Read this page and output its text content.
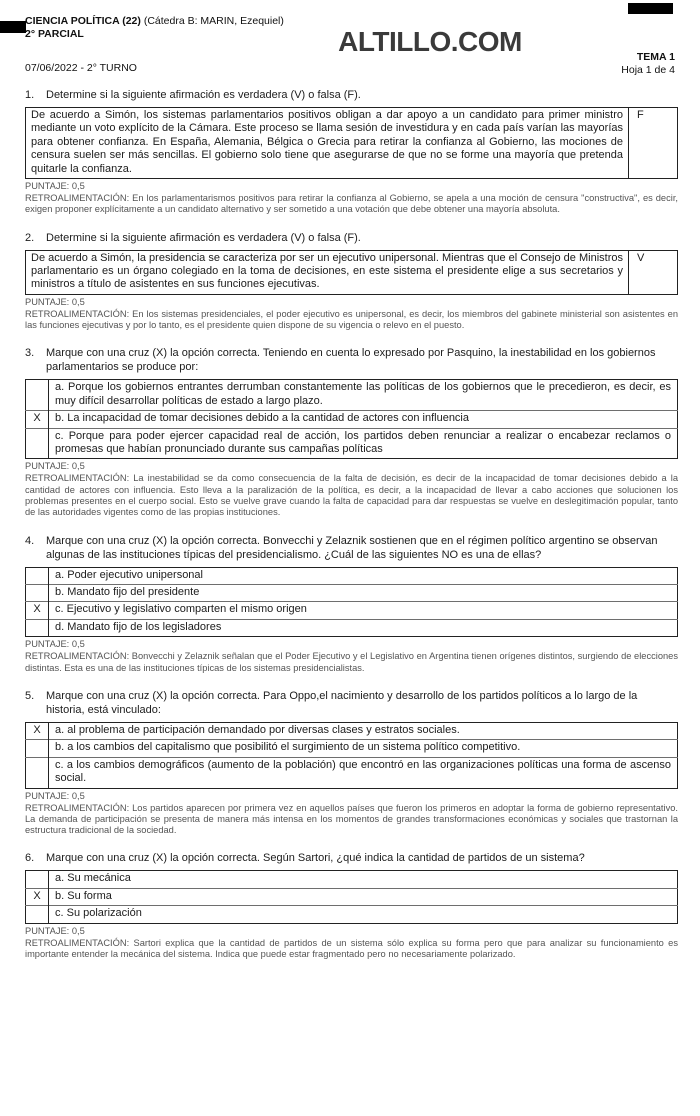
CIENCIA POLÍTICA (22) (Cátedra B: MARIN, Ezequiel)
2° PARCIAL	ALTILLO.COM
07/06/2022 - 2° TURNO
TEMA 1
Hoja 1 de 4
1.	Determine si la siguiente afirmación es verdadera (V) o falsa (F).
De acuerdo a Simón, los sistemas parlamentarios positivos obligan a dar apoyo a un candidato para primer ministro mediante un voto explícito de la Cámara. Este proceso se llama sesión de investidura y en cada país varían las mayorías para obtener confianza. En España, Alemania, Bélgica o Grecia para retirar la confianza al Gobierno, las mociones de censura suelen ser más sencillas. El gobierno solo tiene que asegurarse de que no se forme una mayoría que pretenda quitarle la confianza.	F
PUNTAJE: 0,5
RETROALIMENTACIÓN: En los parlamentarismos positivos para retirar la confianza al Gobierno, se apela a una moción de censura "constructiva", es decir, exigen proponer explícitamente a un candidato alternativo y ser sometido a una votación que debe obtener una mayoría absoluta.
2.	Determine si la siguiente afirmación es verdadera (V) o falsa (F).
De acuerdo a Simón, la presidencia se caracteriza por ser un ejecutivo unipersonal. Mientras que el Consejo de Ministros parlamentario es un órgano colegiado en la toma de decisiones, en este sistema el presidente elige a sus secretarios y ministros a título de asistentes en sus funciones ejecutivas.	V
PUNTAJE: 0,5
RETROALIMENTACIÓN: En los sistemas presidenciales, el poder ejecutivo es unipersonal, es decir, los miembros del gabinete ministerial son asistentes en las funciones ejecutivas y por lo tanto, es el presidente quien dispone de su vigencia o relevo en el puesto.
3.	Marque con una cruz (X) la opción correcta. Teniendo en cuenta lo expresado por Pasquino, la inestabilidad en los gobiernos parlamentarios se produce por:
	a. Porque los gobiernos entrantes derrumban constantemente las políticas de los gobiernos que le precedieron, es decir, es muy difícil desarrollar políticas de estado a largo plazo.
X	b. La incapacidad de tomar decisiones debido a la cantidad de actores con influencia
	c. Porque para poder ejercer capacidad real de acción, los partidos deben renunciar a realizar o encabezar reclamos o promesas que habían pronunciado durante sus campañas políticas
PUNTAJE: 0,5
RETROALIMENTACIÓN: La inestabilidad se da como consecuencia de la falta de decisión, es decir de la incapacidad de tomar decisiones debido a la cantidad de actores con influencia. Esto lleva a la paralización de la política, es decir, a la incapacidad de llevar a cabo acciones que solucionen los problemas presentes en el cuerpo social. Esto se vuelve grave cuando la falta de capacidad para dar respuestas se vuelve en deslegitimación popular, tanto de las autoridades vigentes como de las propias instituciones.
4.	Marque con una cruz (X) la opción correcta. Bonvecchi y Zelaznik sostienen que en el régimen político argentino se observan algunas de las instituciones típicas del presidencialismo. ¿Cuál de las siguientes NO es una de ellas?
	a. Poder ejecutivo unipersonal
	b. Mandato fijo del presidente
X	c. Ejecutivo y legislativo comparten el mismo origen
	d. Mandato fijo de los legisladores
PUNTAJE: 0,5
RETROALIMENTACIÓN: Bonvecchi y Zelaznik señalan que el Poder Ejecutivo y el Legislativo en Argentina tienen orígenes distintos, surgiendo de elecciones distintas. Esta es una de las instituciones típicas de los sistemas presidencialistas.
5.	Marque con una cruz (X) la opción correcta. Para Oppo,el nacimiento y desarrollo de los partidos políticos a lo largo de la historia, está vinculado:
X	a. al problema de participación demandado por diversas clases y estratos sociales.
	b. a los cambios del capitalismo que posibilitó el surgimiento de un sistema político competitivo.
	c. a los cambios demográficos (aumento de la población) que encontró en las organizaciones políticas una forma de ascenso social.
PUNTAJE: 0,5
RETROALIMENTACIÓN: Los partidos aparecen por primera vez en aquellos países que fueron los primeros en adoptar la forma de gobierno representativo. La demanda de participación se presenta de manera más intensa en los momentos de grandes transformaciones económicas y sociales que trastornan la estructura tradicional de la sociedad.
6.	Marque con una cruz (X) la opción correcta. Según Sartori, ¿qué indica la cantidad de partidos de un sistema?
	a. Su mecánica
X	b. Su forma
	c. Su polarización
PUNTAJE: 0,5
RETROALIMENTACIÓN: Sartori explica que la cantidad de partidos de un sistema sólo explica su forma pero que para analizar su funcionamiento es importante entender la mecánica del sistema. Indica que puede estar fragmentado pero no necesariamente polarizado.
